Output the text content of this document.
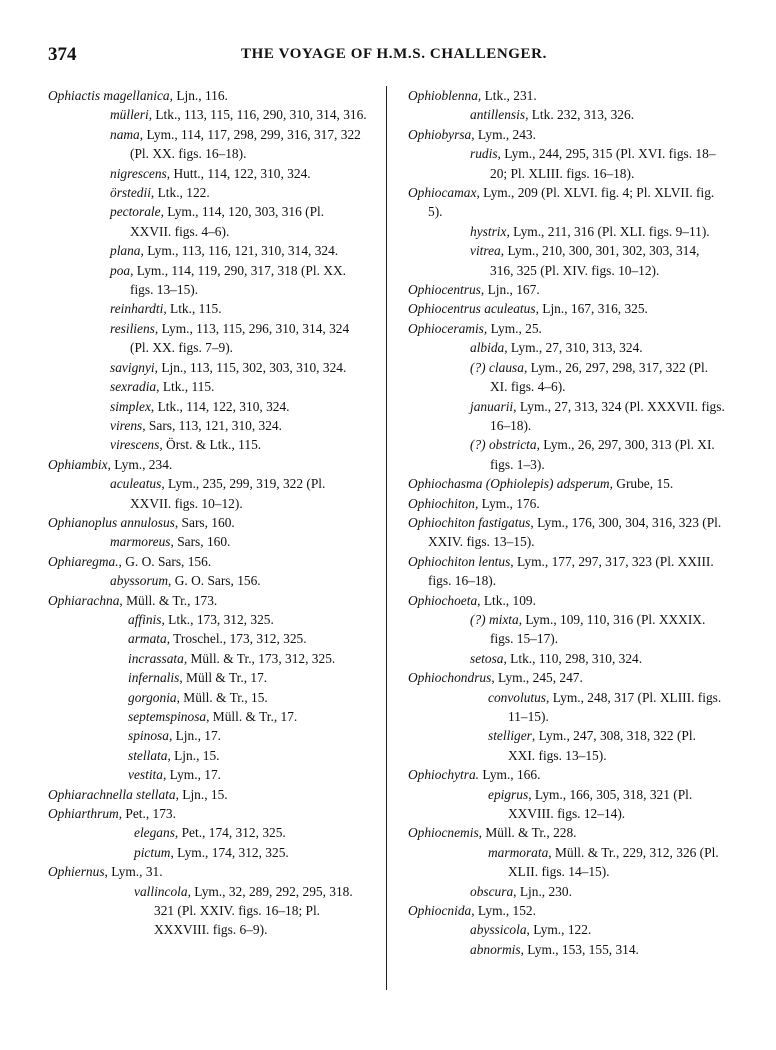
374	THE VOYAGE OF H.M.S. CHALLENGER.

Ophiactis magellanica, Ljn., 116.

mülleri, Ltk., 113, 115, 116, 290, 310, 314, 316.

nama, Lym., 114, 117, 298, 299, 316, 317, 322 (Pl. XX. figs. 16–18).

nigrescens, Hutt., 114, 122, 310, 324.

örstedii, Ltk., 122.

pectorale, Lym., 114, 120, 303, 316 (Pl. XXVII. figs. 4–6).

plana, Lym., 113, 116, 121, 310, 314, 324.

poa, Lym., 114, 119, 290, 317, 318 (Pl. XX. figs. 13–15).

reinhardti, Ltk., 115.

resiliens, Lym., 113, 115, 296, 310, 314, 324 (Pl. XX. figs. 7–9).

savignyi, Ljn., 113, 115, 302, 303, 310, 324.

sexradia, Ltk., 115.

simplex, Ltk., 114, 122, 310, 324.

virens, Sars, 113, 121, 310, 324.

virescens, Örst. & Ltk., 115.

Ophiambix, Lym., 234.

aculeatus, Lym., 235, 299, 319, 322 (Pl. XXVII. figs. 10–12).

Ophianoplus annulosus, Sars, 160.

marmoreus, Sars, 160.

Ophiaregma., G. O. Sars, 156.

abyssorum, G. O. Sars, 156.

Ophiarachna, Müll. & Tr., 173.

affinis, Ltk., 173, 312, 325.

armata, Troschel., 173, 312, 325.

incrassata, Müll. & Tr., 173, 312, 325.

infernalis, Müll & Tr., 17.

gorgonia, Müll. & Tr., 15.

septemspinosa, Müll. & Tr., 17.

spinosa, Ljn., 17.

stellata, Ljn., 15.

vestita, Lym., 17.

Ophiarachnella stellata, Ljn., 15.

Ophiarthrum, Pet., 173.

elegans, Pet., 174, 312, 325.

pictum, Lym., 174, 312, 325.

Ophiernus, Lym., 31.

vallincola, Lym., 32, 289, 292, 295, 318. 321 (Pl. XXIV. figs. 16–18; Pl. XXXVIII. figs. 6–9).

Ophioblenna, Ltk., 231.

antillensis, Ltk. 232, 313, 326.

Ophiobyrsa, Lym., 243.

rudis, Lym., 244, 295, 315 (Pl. XVI. figs. 18–20; Pl. XLIII. figs. 16–18).

Ophiocamax, Lym., 209 (Pl. XLVI. fig. 4; Pl. XLVII. fig. 5).

hystrix, Lym., 211, 316 (Pl. XLI. figs. 9–11).

vitrea, Lym., 210, 300, 301, 302, 303, 314, 316, 325 (Pl. XIV. figs. 10–12).

Ophiocentrus, Ljn., 167.

Ophiocentrus aculeatus, Ljn., 167, 316, 325.

Ophioceramis, Lym., 25.

albida, Lym., 27, 310, 313, 324.

(?) clausa, Lym., 26, 297, 298, 317, 322 (Pl. XI. figs. 4–6).

januarii, Lym., 27, 313, 324 (Pl. XXXVII. figs. 16–18).

(?) obstricta, Lym., 26, 297, 300, 313 (Pl. XI. figs. 1–3).

Ophiochasma (Ophiolepis) adsperum, Grube, 15.

Ophiochiton, Lym., 176.

Ophiochiton fastigatus, Lym., 176, 300, 304, 316, 323 (Pl. XXIV. figs. 13–15).

Ophiochiton lentus, Lym., 177, 297, 317, 323 (Pl. XXIII. figs. 16–18).

Ophiochoeta, Ltk., 109.

(?) mixta, Lym., 109, 110, 316 (Pl. XXXIX. figs. 15–17).

setosa, Ltk., 110, 298, 310, 324.

Ophiochondrus, Lym., 245, 247.

convolutus, Lym., 248, 317 (Pl. XLIII. figs. 11–15).

stelliger, Lym., 247, 308, 318, 322 (Pl. XXI. figs. 13–15).

Ophiochytra. Lym., 166.

epigrus, Lym., 166, 305, 318, 321 (Pl. XXVIII. figs. 12–14).

Ophiocnemis, Müll. & Tr., 228.

marmorata, Müll. & Tr., 229, 312, 326 (Pl. XLII. figs. 14–15).

obscura, Ljn., 230.

Ophiocnida, Lym., 152.

abyssicola, Lym., 122.

abnormis, Lym., 153, 155, 314.
